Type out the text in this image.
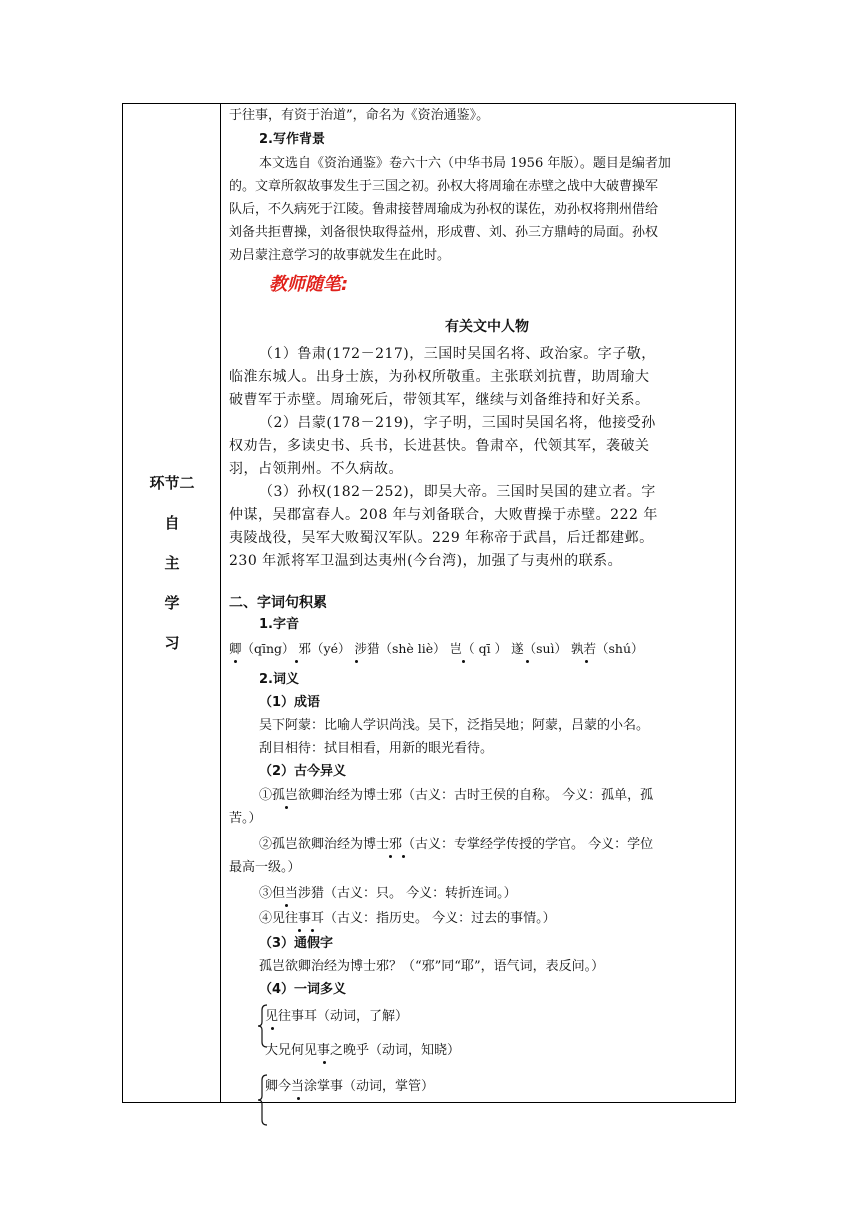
环节二
自
主
学
习
于往事，有资于治道”，命名为《资治通鉴》。
2.写作背景
本文选自《资治通鉴》卷六十六（中华书局 1956 年版）。题目是编者加
的。文章所叙故事发生于三国之初。孙权大将周瑜在赤壁之战中大破曹操军
队后，不久病死于江陵。鲁肃接替周瑜成为孙权的谋佐，劝孙权将荆州借给
刘备共拒曹操，刘备很快取得益州，形成曹、刘、孙三方鼎峙的局面。孙权
劝吕蒙注意学习的故事就发生在此时。
教师随笔:
有关文中人物
（1）鲁肃(172－217)，三国时吴国名将、政治家。字子敬，
临淮东城人。出身士族，为孙权所敬重。主张联刘抗曹，助周瑜大
破曹军于赤壁。周瑜死后，带领其军，继续与刘备维持和好关系。
（2）吕蒙(178－219)，字子明，三国时吴国名将，他接受孙
权劝告，多读史书、兵书，长进甚快。鲁肃卒，代领其军，袭破关
羽，占领荆州。不久病故。
（3）孙权(182－252)，即吴大帝。三国时吴国的建立者。字
仲谋，吴郡富春人。208 年与刘备联合，大败曹操于赤壁。222 年
夷陵战役，吴军大败蜀汉军队。229 年称帝于武昌，后迁都建邺。
230 年派将军卫温到达夷州(今台湾)，加强了与夷州的联系。
二、字词句积累
1.字音
卿（qīng） 邪（yé） 涉猎（shè liè） 岂（ qī ） 遂（suì） 孰若（shú）
2.词义
（1）成语
吴下阿蒙：比喻人学识尚浅。吴下，泛指吴地；阿蒙，吕蒙的小名。
刮目相待：拭目相看，用新的眼光看待。
（2）古今异义
①孤岂欲卿治经为博士邪（古义：古时王侯的自称。 今义：孤单，孤
苦。）
②孤岂欲卿治经为博士邪（古义：专掌经学传授的学官。 今义：学位
最高一级。）
③但当涉猎（古义：只。 今义：转折连词。）
④见往事耳（古义：指历史。 今义：过去的事情。）
（3）通假字
孤岂欲卿治经为博士邪？（“邪”同“耶”，语气词，表反问。）
（4）一词多义
见往事耳（动词，了解）
大兄何见事之晚乎（动词，知晓）
卿今当涂掌事（动词，掌管）
